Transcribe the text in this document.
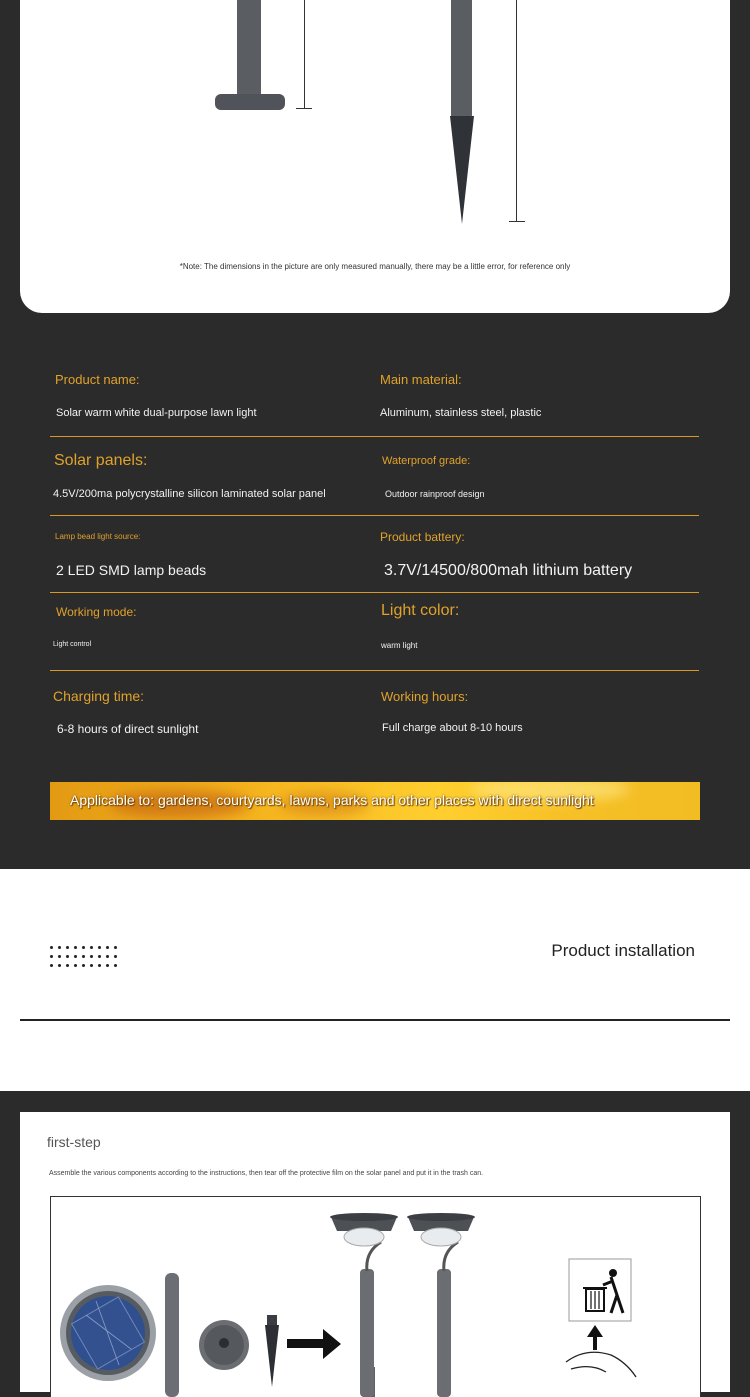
*Note: The dimensions in the picture are only measured manually, there may be a little error, for reference only
Product name:
Solar warm white dual-purpose lawn light
Main material:
Aluminum, stainless steel, plastic
Solar panels:
4.5V/200ma polycrystalline silicon laminated solar panel
Waterproof grade:
Outdoor rainproof design
Lamp bead light source:
2 LED SMD lamp beads
Product battery:
3.7V/14500/800mah lithium battery
Working mode:
Light control
Light color:
warm light
Charging time:
6-8 hours of direct sunlight
Working hours:
Full charge about 8-10 hours
Applicable to: gardens, courtyards, lawns, parks and other places with direct sunlight
Product installation
first-step
Assemble the various components according to the instructions, then tear off the protective film on the solar panel and put it in the trash can.
